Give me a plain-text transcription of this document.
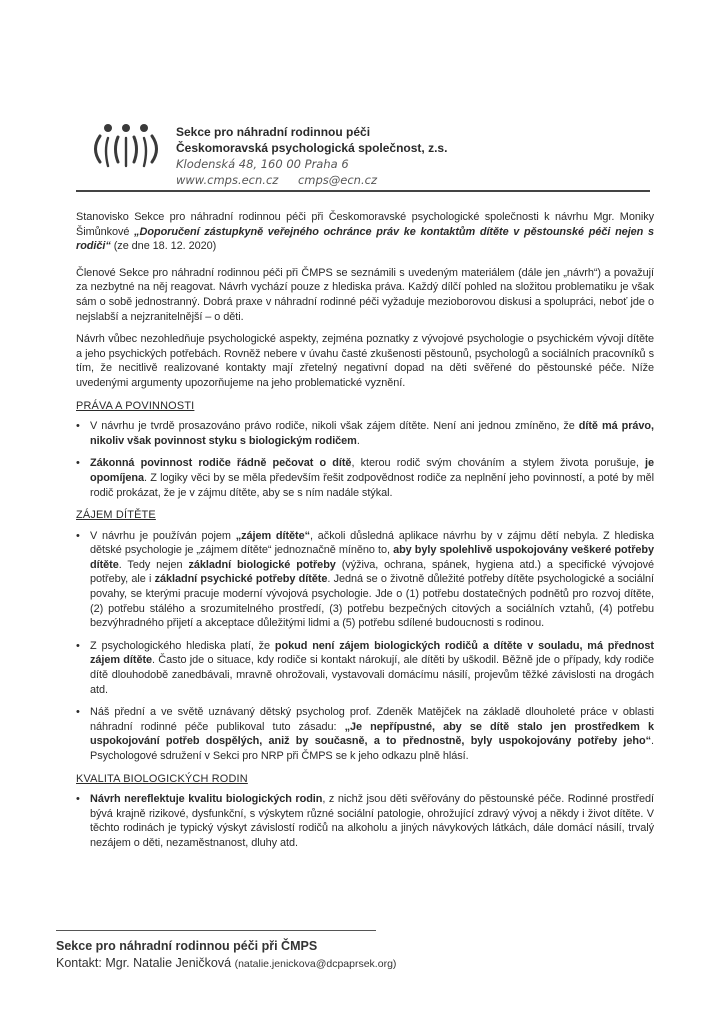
Sekce pro náhradní rodinnou péči
Českomoravská psychologická společnost, z.s.
Klodenská 48, 160 00 Praha 6
www.cmps.ecn.cz cmps@ecn.cz

Stanovisko Sekce pro náhradní rodinnou péči při Českomoravské psychologické společnosti k návrhu Mgr. Moniky Šimůnkové „Doporučení zástupkyně veřejného ochránce práv ke kontaktům dítěte v pěstounské péči nejen s rodiči“ (ze dne 18. 12. 2020)

Členové Sekce pro náhradní rodinnou péči při ČMPS se seznámili s uvedeným materiálem (dále jen „návrh“) a považují za nezbytné na něj reagovat. Návrh vychází pouze z hlediska práva. Každý dílčí pohled na složitou problematiku je však sám o sobě jednostranný. Dobrá praxe v náhradní rodinné péči vyžaduje mezioborovou diskusi a spolupráci, neboť jde o nejslabší a nejzranitelnější – o děti.

Návrh vůbec nezohledňuje psychologické aspekty, zejména poznatky z vývojové psychologie o psychickém vývoji dítěte a jeho psychických potřebách. Rovněž nebere v úvahu časté zkušenosti pěstounů, psychologů a sociálních pracovníků s tím, že necitlivě realizované kontakty mají zřetelný negativní dopad na děti svěřené do pěstounské péče. Níže uvedenými argumenty upozorňujeme na jeho problematické vyznění.

PRÁVA A POVINNOSTI

• V návrhu je tvrdě prosazováno právo rodiče, nikoli však zájem dítěte. Není ani jednou zmíněno, že dítě má právo, nikoliv však povinnost styku s biologickým rodičem.
• Zákonná povinnost rodiče řádně pečovat o dítě, kterou rodič svým chováním a stylem života porušuje, je opomíjena. Z logiky věci by se měla především řešit zodpovědnost rodiče za neplnění jeho povinností, a poté by měl rodič prokázat, že je v zájmu dítěte, aby se s ním nadále stýkal.

ZÁJEM DÍTĚTE

• V návrhu je používán pojem „zájem dítěte“, ačkoli důsledná aplikace návrhu by v zájmu dětí nebyla. Z hlediska dětské psychologie je „zájmem dítěte“ jednoznačně míněno to, aby byly spolehlivě uspokojovány veškeré potřeby dítěte. Tedy nejen základní biologické potřeby (výživa, ochrana, spánek, hygiena atd.) a specifické vývojové potřeby, ale i základní psychické potřeby dítěte. Jedná se o životně důležité potřeby dítěte psychologické a sociální povahy, se kterými pracuje moderní vývojová psychologie. Jde o (1) potřebu dostatečných podnětů pro rozvoj dítěte, (2) potřebu stálého a srozumitelného prostředí, (3) potřebu bezpečných citových a sociálních vztahů, (4) potřebu bezvýhradného přijetí a akceptace důležitými lidmi a (5) potřebu sdílené budoucnosti s rodinou.
• Z psychologického hlediska platí, že pokud není zájem biologických rodičů a dítěte v souladu, má přednost zájem dítěte. Často jde o situace, kdy rodiče si kontakt nárokují, ale dítěti by uškodil. Běžně jde o případy, kdy rodiče dítě dlouhodobě zanedbávali, mravně ohrožovali, vystavovali domácímu násilí, projevům těžké závislosti na drogách atd.
• Náš přední a ve světě uznávaný dětský psycholog prof. Zdeněk Matějček na základě dlouholeté práce v oblasti náhradní rodinné péče publikoval tuto zásadu: „Je nepřípustné, aby se dítě stalo jen prostředkem k uspokojování potřeb dospělých, aniž by současně, a to přednostně, byly uspokojovány potřeby jeho“. Psychologové sdružení v Sekci pro NRP při ČMPS se k jeho odkazu plně hlásí.

KVALITA BIOLOGICKÝCH RODIN

• Návrh nereflektuje kvalitu biologických rodin, z nichž jsou děti svěřovány do pěstounské péče. Rodinné prostředí bývá krajně rizikové, dysfunkční, s výskytem různé sociální patologie, ohrožující zdravý vývoj a někdy i život dítěte. V těchto rodinách je typický výskyt závislostí rodičů na alkoholu a jiných návykových látkách, dále domácí násilí, trvalý nezájem o děti, nezaměstnanost, dluhy atd.
Sekce pro náhradní rodinnou péči při ČMPS
Kontakt: Mgr. Natalie Jeničková (natalie.jenickova@dcpaprsek.org)
